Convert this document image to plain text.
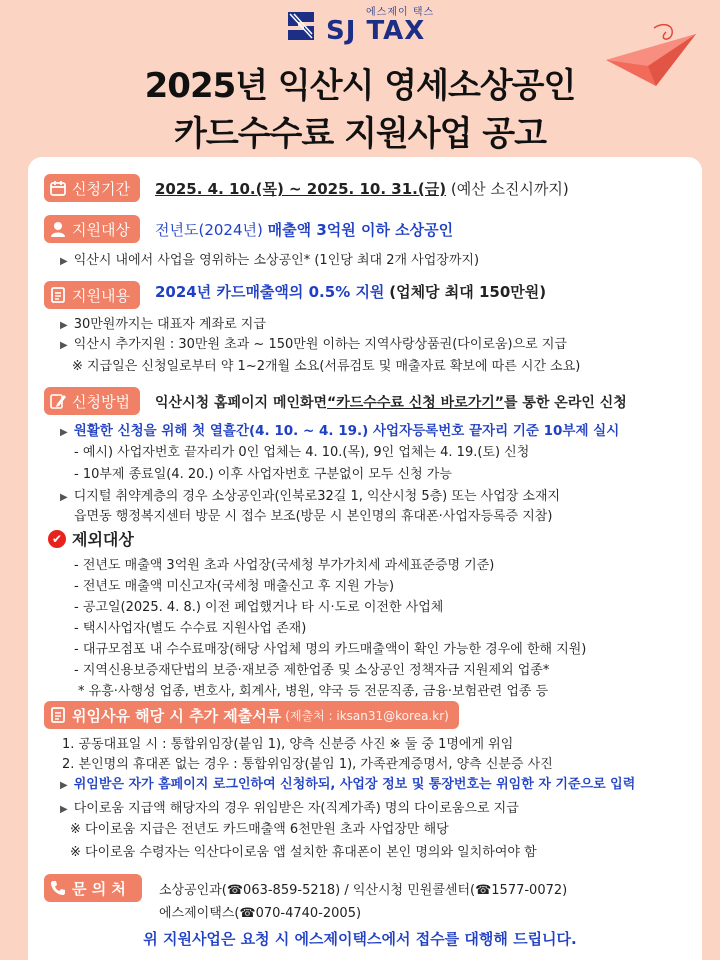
에스제이 택스
SJ TAX
2025년 익산시 영세소상공인
카드수수료 지원사업 공고
신청기간 2025. 4. 10.(목) ~ 2025. 10. 31.(금) (예산 소진시까지)
지원대상 전년도(2024년) 매출액 3억원 이하 소상공인
▶ 익산시 내에서 사업을 영위하는 소상공인* (1인당 최대 2개 사업장까지)
지원내용 2024년 카드매출액의 0.5% 지원 (업체당 최대 150만원)
▶ 30만원까지는 대표자 계좌로 지급
▶ 익산시 추가지원 : 30만원 초과 ~ 150만원 이하는 지역사랑상품권(다이로움)으로 지급
※ 지급일은 신청일로부터 약 1~2개월 소요(서류검토 및 매출자료 확보에 따른 시간 소요)
신청방법 익산시청 홈페이지 메인화면“카드수수료 신청 바로가기”를 통한 온라인 신청
▶ 원활한 신청을 위해 첫 열흘간(4. 10. ~ 4. 19.) 사업자등록번호 끝자리 기준 10부제 실시
- 예시) 사업자번호 끝자리가 0인 업체는 4. 10.(목), 9인 업체는 4. 19.(토) 신청
- 10부제 종료일(4. 20.) 이후 사업자번호 구분없이 모두 신청 가능
▶ 디지털 취약계층의 경우 소상공인과(인북로32길 1, 익산시청 5층) 또는 사업장 소재지
읍면동 행정복지센터 방문 시 접수 보조(방문 시 본인명의 휴대폰·사업자등록증 지참)
✔ 제외대상
- 전년도 매출액 3억원 초과 사업장(국세청 부가가치세 과세표준증명 기준)
- 전년도 매출액 미신고자(국세청 매출신고 후 지원 가능)
- 공고일(2025. 4. 8.) 이전 폐업했거나 타 시·도로 이전한 사업체
- 택시사업자(별도 수수료 지원사업 존재)
- 대규모점포 내 수수료매장(해당 사업체 명의 카드매출액이 확인 가능한 경우에 한해 지원)
- 지역신용보증재단법의 보증·재보증 제한업종 및 소상공인 정책자금 지원제외 업종*
* 유흥·사행성 업종, 변호사, 회계사, 병원, 약국 등 전문직종, 금융·보험관련 업종 등
위임사유 해당 시 추가 제출서류 (제출처 : iksan31@korea.kr)
1. 공동대표일 시 : 통합위임장(붙임 1), 양측 신분증 사진 ※ 둘 중 1명에게 위임
2. 본인명의 휴대폰 없는 경우 : 통합위임장(붙임 1), 가족관계증명서, 양측 신분증 사진
▶ 위임받은 자가 홈페이지 로그인하여 신청하되, 사업장 정보 및 통장번호는 위임한 자 기준으로 입력
▶ 다이로움 지급액 해당자의 경우 위임받은 자(직계가족) 명의 다이로움으로 지급
※ 다이로움 지급은 전년도 카드매출액 6천만원 초과 사업장만 해당
※ 다이로움 수령자는 익산다이로움 앱 설치한 휴대폰이 본인 명의와 일치하여야 함
문 의 처	소상공인과(☎063-859-5218) / 익산시청 민원콜센터(☎1577-0072)
에스제이택스(☎070-4740-2005)
위 지원사업은 요청 시 에스제이택스에서 접수를 대행해 드립니다.
